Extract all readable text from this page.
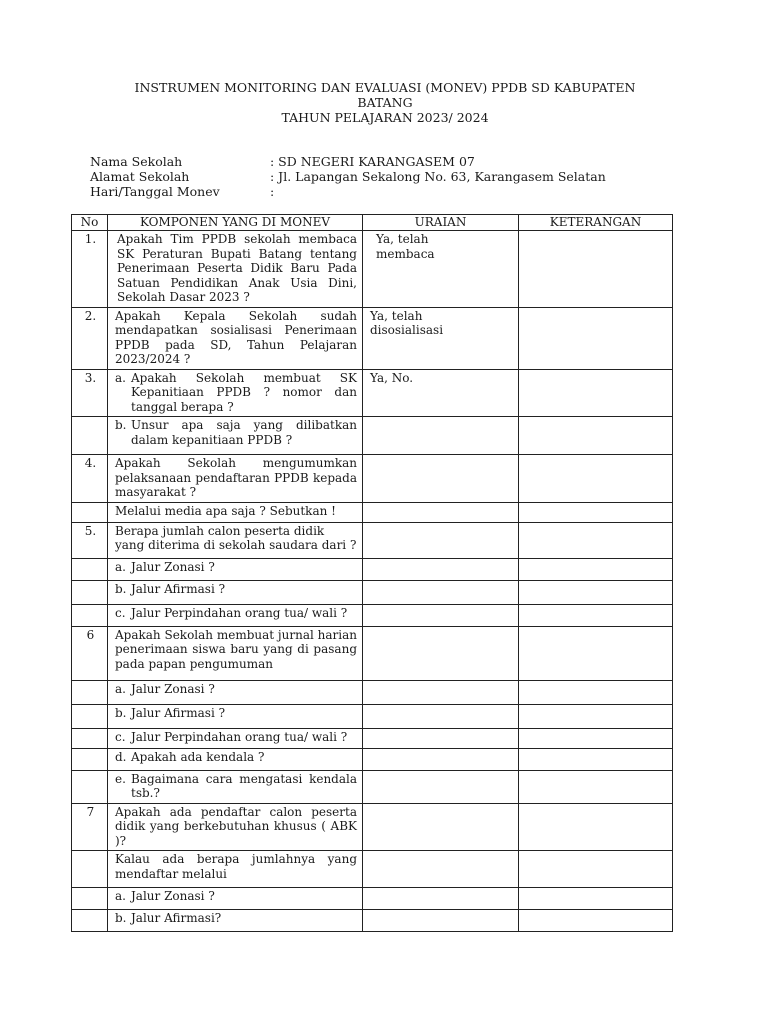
INSTRUMEN MONITORING DAN EVALUASI (MONEV) PPDB SD KABUPATEN
BATANG
TAHUN PELAJARAN 2023/ 2024
Nama Sekolah	: SD NEGERI KARANGASEM 07
Alamat Sekolah	: Jl. Lapangan Sekalong No. 63, Karangasem Selatan
Hari/Tanggal Monev	:
No	KOMPONEN YANG DI MONEV	URAIAN	KETERANGAN
1.	Apakah Tim PPDB sekolah membaca SK Peraturan Bupati Batang tentang Penerimaan Peserta Didik Baru Pada Satuan Pendidikan Anak Usia Dini, Sekolah Dasar 2023 ?	Ya, telah membaca	
2.	Apakah Kepala Sekolah sudah mendapatkan sosialisasi Penerimaan PPDB pada SD, Tahun Pelajaran 2023/2024 ?	Ya, telah disosialisasi	
3.	a. Apakah Sekolah membuat SK Kepanitiaan PPDB ? nomor dan tanggal berapa ?	Ya, No.	

	b. Unsur apa saja yang dilibatkan dalam kepanitiaan PPDB ?		

4.	Apakah Sekolah mengumumkan pelaksanaan pendaftaran PPDB kepada masyarakat ?		
	Melalui media apa saja ? Sebutkan !		
5.	Berapa jumlah calon peserta didik yang diterima di sekolah saudara dari ?		

	a. Jalur Zonasi ?		

	b. Jalur Afirmasi ?		

	c. Jalur Perpindahan orang tua/ wali ?		

6	Apakah Sekolah membuat jurnal harian penerimaan siswa baru yang di pasang pada papan pengumuman		

	a. Jalur Zonasi ?		

	b. Jalur Afirmasi ?		

	c. Jalur Perpindahan orang tua/ wali ?		

	d. Apakah ada kendala ?		

	e. Bagaimana cara mengatasi kendala tsb.?		

7	Apakah ada pendaftar calon peserta didik yang berkebutuhan khusus ( ABK )?		
	Kalau ada berapa jumlahnya yang mendaftar melalui		

	a. Jalur Zonasi ?		

	b. Jalur Afirmasi?		
